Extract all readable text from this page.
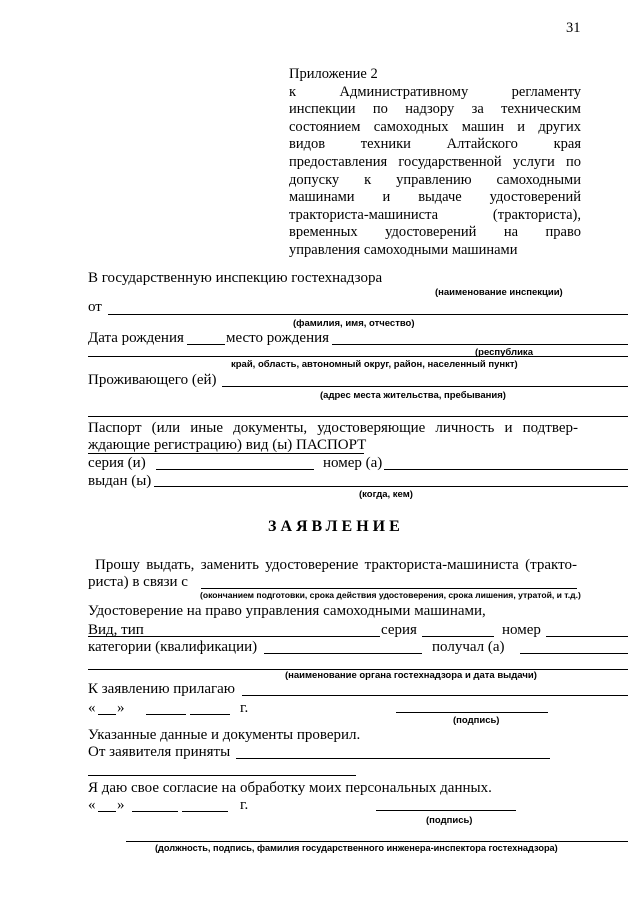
31
Приложение 2
к Административному регламенту
инспекции по надзору за техническим
состоянием самоходных машин и других
видов техники Алтайского края
предоставления государственной услуги по
допуску к управлению самоходными
машинами и выдаче удостоверений
тракториста-машиниста (тракториста),
временных удостоверений на право
управления самоходными машинами
В государственную инспекцию гостехнадзора
(наименование инспекции)
от
(фамилия, имя, отчество)
Дата рождения	место рождения
(республика
край, область, автономный округ, район, населенный пункт)
Проживающего (ей)
(адрес места жительства, пребывания)
Паспорт (или иные документы, удостоверяющие личность и подтвер-
ждающие регистрацию) вид (ы) ПАСПОРТ
серия (и)	номер (а)
выдан (ы)
(когда, кем)
ЗАЯВЛЕНИЕ
Прошу выдать, заменить удостоверение тракториста-машиниста (тракто-
риста) в связи с
(окончанием подготовки, срока действия удостоверения, срока лишения, утратой, и т.д.)
Удостоверение на право управления самоходными машинами,
Вид, тип	серия	номер
категории (квалификации)	получал (а)
(наименование органа гостехнадзора и дата выдачи)
К заявлению прилагаю
« »	г.
(подпись)
Указанные данные и документы проверил.
От заявителя приняты
Я даю свое согласие на обработку моих персональных данных.
« »	г.
(подпись)
(должность, подпись, фамилия государственного инженера-инспектора гостехнадзора)
